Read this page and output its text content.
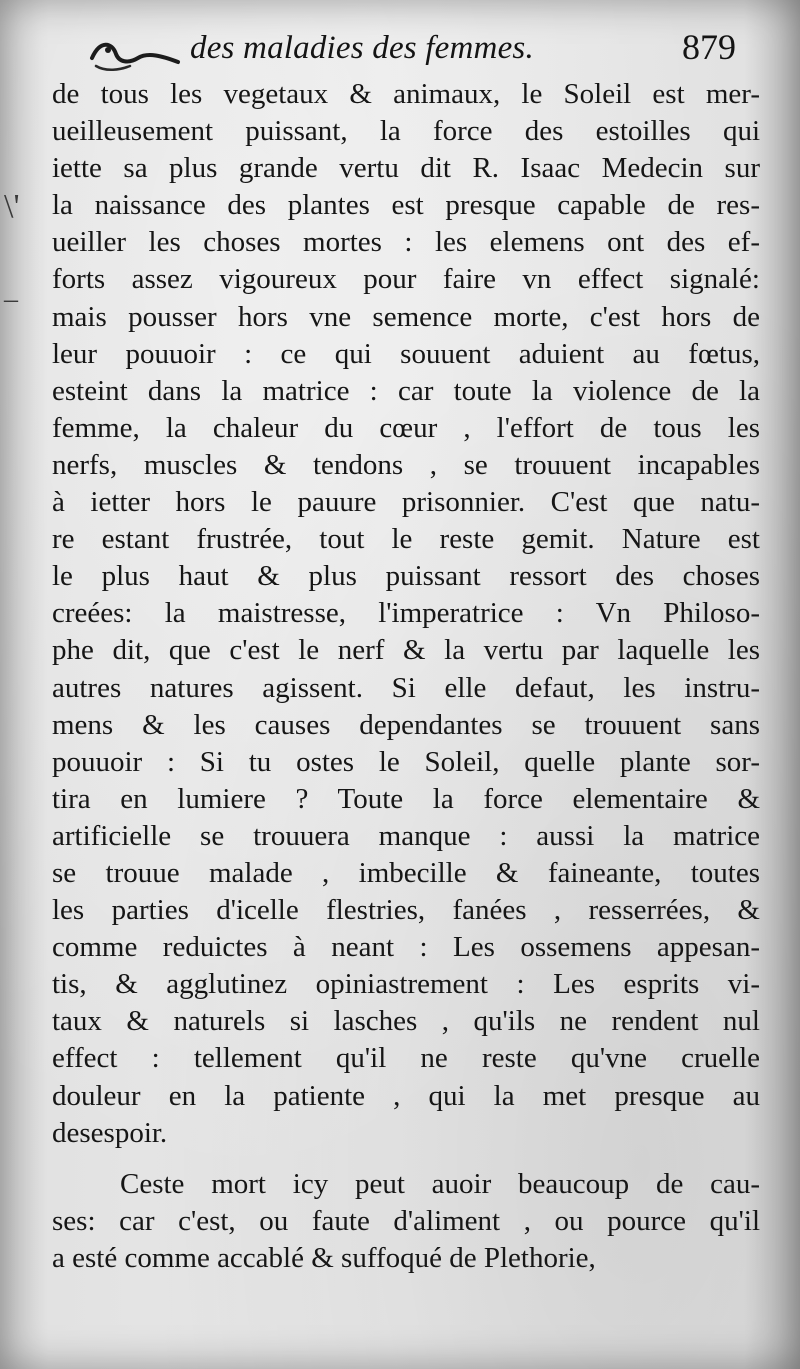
des maladies des femmes.	879
\'
–
de tous les vegetaux & animaux, le Soleil est mer-
ueilleusement puissant, la force des estoilles qui
iette sa plus grande vertu dit R. Isaac Medecin sur
la naissance des plantes est presque capable de res-
ueiller les choses mortes : les elemens ont des ef-
forts assez vigoureux pour faire vn effect signalé:
mais pousser hors vne semence morte, c'est hors de
leur pouuoir : ce qui souuent aduient au fœtus,
esteint dans la matrice : car toute la violence de la
femme, la chaleur du cœur , l'effort de tous les
nerfs, muscles & tendons , se trouuent incapables
à ietter hors le pauure prisonnier. C'est que natu-
re estant frustrée, tout le reste gemit. Nature est
le plus haut & plus puissant ressort des choses
creées: la maistresse, l'imperatrice : Vn Philoso-
phe dit, que c'est le nerf & la vertu par laquelle les
autres natures agissent. Si elle defaut, les instru-
mens & les causes dependantes se trouuent sans
pouuoir : Si tu ostes le Soleil, quelle plante sor-
tira en lumiere ? Toute la force elementaire &
artificielle se trouuera manque : aussi la matrice
se trouue malade , imbecille & faineante, toutes
les parties d'icelle flestries, fanées , resserrées, &
comme reduictes à neant : Les ossemens appesan-
tis, & agglutinez opiniastrement : Les esprits vi-
taux & naturels si lasches , qu'ils ne rendent nul
effect : tellement qu'il ne reste qu'vne cruelle
douleur en la patiente , qui la met presque au
desespoir.
Ceste mort icy peut auoir beaucoup de cau-
ses: car c'est, ou faute d'aliment , ou pource qu'il
a esté comme accablé & suffoqué de Plethorie,
